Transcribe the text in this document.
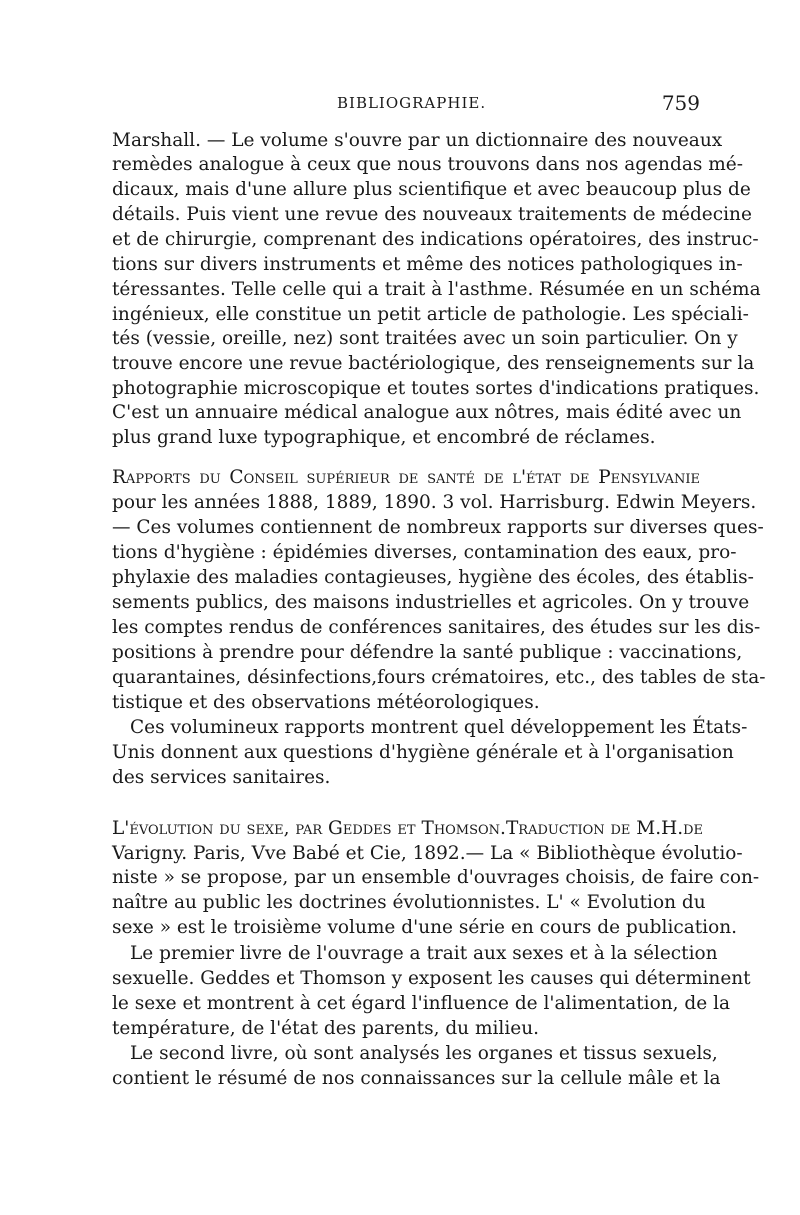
BIBLIOGRAPHIE.	759
Marshall. — Le volume s'ouvre par un dictionnaire des nouveaux
remèdes analogue à ceux que nous trouvons dans nos agendas mé-
dicaux, mais d'une allure plus scientifique et avec beaucoup plus de
détails. Puis vient une revue des nouveaux traitements de médecine
et de chirurgie, comprenant des indications opératoires, des instruc-
tions sur divers instruments et même des notices pathologiques in-
téressantes. Telle celle qui a trait à l'asthme. Résumée en un schéma
ingénieux, elle constitue un petit article de pathologie. Les spéciali-
tés (vessie, oreille, nez) sont traitées avec un soin particulier. On y
trouve encore une revue bactériologique, des renseignements sur la
photographie microscopique et toutes sortes d'indications pratiques.
C'est un annuaire médical analogue aux nôtres, mais édité avec un
plus grand luxe typographique, et encombré de réclames.
Rapports du Conseil supérieur de santé de l'état de Pensylvanie
pour les années 1888, 1889, 1890. 3 vol. Harrisburg. Edwin Meyers.
— Ces volumes contiennent de nombreux rapports sur diverses ques-
tions d'hygiène : épidémies diverses, contamination des eaux, pro-
phylaxie des maladies contagieuses, hygiène des écoles, des établis-
sements publics, des maisons industrielles et agricoles. On y trouve
les comptes rendus de conférences sanitaires, des études sur les dis-
positions à prendre pour défendre la santé publique : vaccinations,
quarantaines, désinfections,fours crématoires, etc., des tables de sta-
tistique et des observations météorologiques.
Ces volumineux rapports montrent quel développement les États-
Unis donnent aux questions d'hygiène générale et à l'organisation
des services sanitaires.
L'évolution du sexe, par Geddes et Thomson.Traduction de M.H.de
Varigny. Paris, Vve Babé et Cie, 1892.— La « Bibliothèque évolutio-
niste » se propose, par un ensemble d'ouvrages choisis, de faire con-
naître au public les doctrines évolutionnistes. L' « Evolution du
sexe » est le troisième volume d'une série en cours de publication.
Le premier livre de l'ouvrage a trait aux sexes et à la sélection
sexuelle. Geddes et Thomson y exposent les causes qui déterminent
le sexe et montrent à cet égard l'influence de l'alimentation, de la
température, de l'état des parents, du milieu.
Le second livre, où sont analysés les organes et tissus sexuels,
contient le résumé de nos connaissances sur la cellule mâle et la
